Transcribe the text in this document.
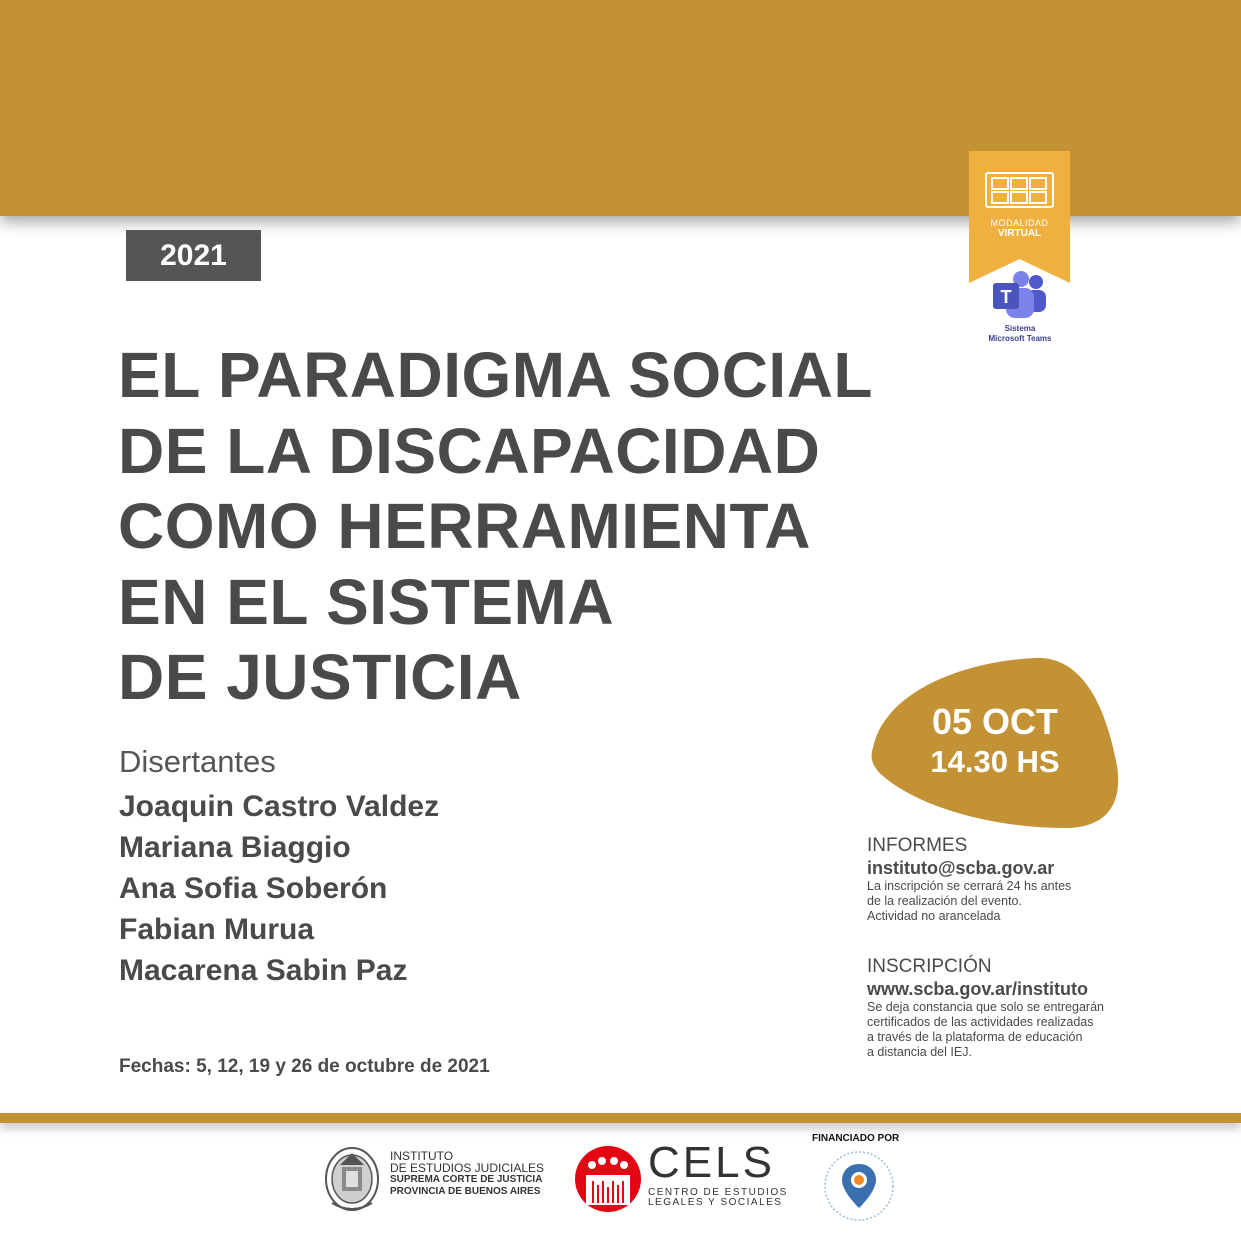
2021
MODALIDAD
VIRTUAL
T
Sistema
Microsoft Teams
EL PARADIGMA SOCIAL
DE LA DISCAPACIDAD
COMO HERRAMIENTA
EN EL SISTEMA
DE JUSTICIA
Disertantes
Joaquin Castro Valdez
Mariana Biaggio
Ana Sofia Soberón
Fabian Murua
Macarena Sabin Paz
Fechas: 5, 12, 19 y 26 de octubre de 2021
05 OCT
14.30 HS
INFORMES
instituto@scba.gov.ar
La inscripción se cerrará 24 hs antes
de la realización del evento.
Actividad no arancelada
INSCRIPCIÓN
www.scba.gov.ar/instituto
Se deja constancia que solo se entregarán
certificados de las actividades realizadas
a través de la plataforma de educación
a distancia del IEJ.
INSTITUTO
DE ESTUDIOS JUDICIALES
SUPREMA CORTE DE JUSTICIA
PROVINCIA DE BUENOS AIRES
CELS
CENTRO DE ESTUDIOS
LEGALES Y SOCIALES
FINANCIADO POR
